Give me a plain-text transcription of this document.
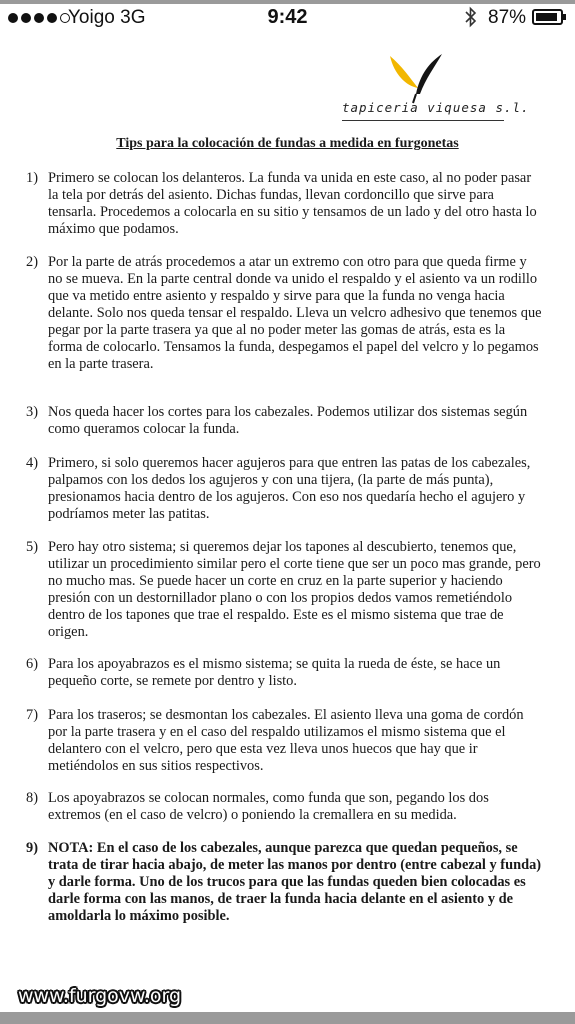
Yoigo 3G	9:42	87%
tapiceria viquesa s.l.
Tips para la colocación de fundas a medida en furgonetas
1) Primero se colocan los delanteros. La funda va unida en este caso, al no poder pasar la tela por detrás del asiento. Dichas fundas, llevan cordoncillo que sirve para tensarla. Procedemos a colocarla en su sitio y tensamos de un lado y del otro hasta lo máximo que podamos.
2) Por la parte de atrás procedemos a atar un extremo con otro para que queda firme y no se mueva. En la parte central donde va unido el respaldo y el asiento va un rodillo que va metido entre asiento y respaldo y sirve para que la funda no venga hacia delante. Solo nos queda tensar el respaldo. Lleva un velcro adhesivo que tenemos que pegar por la parte trasera ya que al no poder meter las gomas de atrás, esta es la forma de colocarlo. Tensamos la funda, despegamos el papel del velcro y lo pegamos en la parte trasera.
3) Nos queda hacer los cortes para los cabezales. Podemos utilizar dos sistemas según como queramos colocar la funda.
4) Primero, si solo queremos hacer agujeros para que entren las patas de los cabezales, palpamos con los dedos los agujeros y con una tijera, (la parte de más punta), presionamos hacia dentro de los agujeros. Con eso nos quedaría hecho el agujero y podríamos meter las patitas.
5) Pero hay otro sistema; si queremos dejar los tapones al descubierto, tenemos que, utilizar un procedimiento similar pero el corte tiene que ser un poco mas grande, pero no mucho mas. Se puede hacer un corte en cruz en la parte superior y haciendo presión con un destornillador plano o con los propios dedos vamos remetiéndolo dentro de los tapones que trae el respaldo. Este es el mismo sistema que trae de origen.
6) Para los apoyabrazos es el mismo sistema; se quita la rueda de éste, se hace un pequeño corte, se remete por dentro y listo.
7) Para los traseros; se desmontan los cabezales. El asiento lleva una goma de cordón por la parte trasera y en el caso del respaldo utilizamos el mismo sistema que el delantero con el velcro, pero que esta vez lleva unos huecos que hay que ir metiéndolos en sus sitios respectivos.
8) Los apoyabrazos se colocan normales, como funda que son, pegando los dos extremos (en el caso de velcro) o poniendo la cremallera en su medida.
9) NOTA: En el caso de los cabezales, aunque parezca que quedan pequeños, se trata de tirar hacia abajo, de meter las manos por dentro (entre cabezal y funda) y darle forma. Uno de los trucos para que las fundas queden bien colocadas es darle forma con las manos, de traer la funda hacia delante en el asiento y de amoldarla lo máximo posible.
www.furgovw.org
